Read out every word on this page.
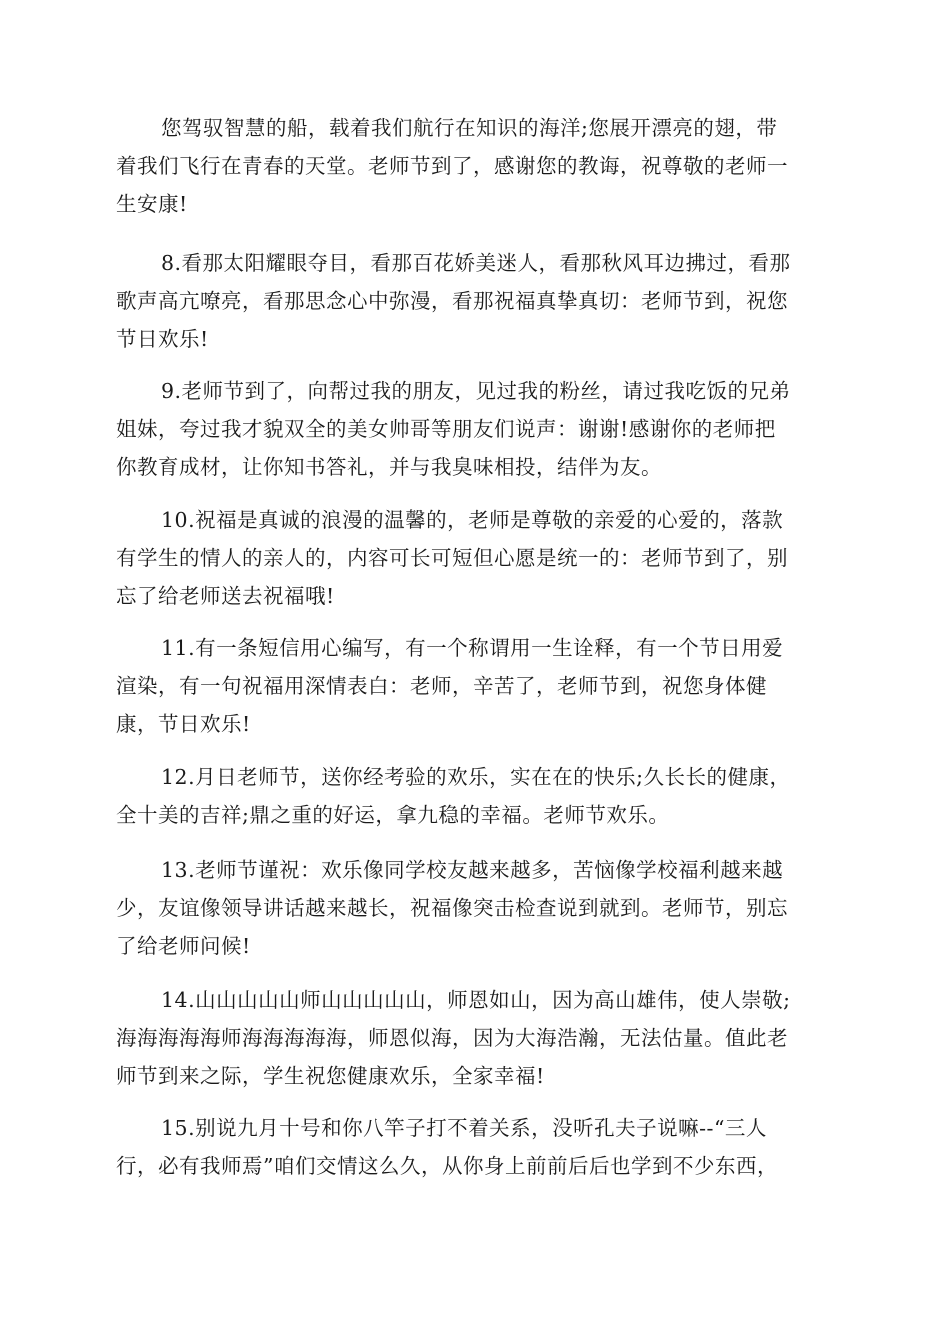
您驾驭智慧的船，载着我们航行在知识的海洋;您展开漂亮的翅，带
着我们飞行在青春的天堂。老师节到了，感谢您的教诲，祝尊敬的老师一
生安康!

8.看那太阳耀眼夺目，看那百花娇美迷人，看那秋风耳边拂过，看那
歌声高亢嘹亮，看那思念心中弥漫，看那祝福真挚真切：老师节到，祝您
节日欢乐!

9.老师节到了，向帮过我的朋友，见过我的粉丝，请过我吃饭的兄弟
姐妹，夸过我才貌双全的美女帅哥等朋友们说声：谢谢!感谢你的老师把
你教育成材，让你知书答礼，并与我臭味相投，结伴为友。

10.祝福是真诚的浪漫的温馨的，老师是尊敬的亲爱的心爱的，落款
有学生的情人的亲人的，内容可长可短但心愿是统一的：老师节到了，别
忘了给老师送去祝福哦!

11.有一条短信用心编写，有一个称谓用一生诠释，有一个节日用爱
渲染，有一句祝福用深情表白：老师，辛苦了，老师节到，祝您身体健
康，节日欢乐!

12.月日老师节，送你经考验的欢乐，实在在的快乐;久长长的健康，
全十美的吉祥;鼎之重的好运，拿九稳的幸福。老师节欢乐。

13.老师节谨祝：欢乐像同学校友越来越多，苦恼像学校福利越来越
少，友谊像领导讲话越来越长，祝福像突击检查说到就到。老师节，别忘
了给老师问候!

14.山山山山山师山山山山山，师恩如山，因为高山雄伟，使人崇敬;
海海海海海师海海海海海，师恩似海，因为大海浩瀚，无法估量。值此老
师节到来之际，学生祝您健康欢乐，全家幸福!

15.别说九月十号和你八竿子打不着关系，没听孔夫子说嘛--“三人
行，必有我师焉”咱们交情这么久，从你身上前前后后也学到不少东西，
